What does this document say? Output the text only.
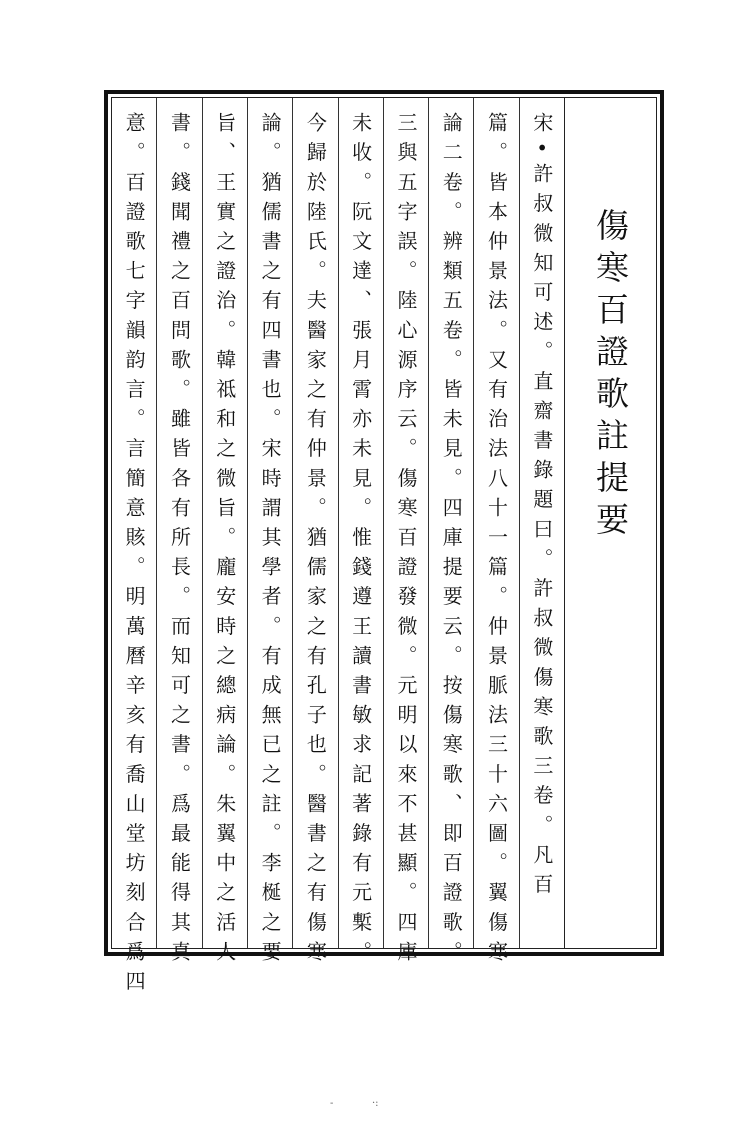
傷寒百證歌註提要
宋•許叔微知可述。直齋書錄題曰。許叔微傷寒歌三卷。凡百
篇。皆本仲景法。又有治法八十一篇。仲景脈法三十六圖。翼傷寒
論二卷。辨類五卷。皆未見。四庫提要云。按傷寒歌、即百證歌。
三與五字誤。陸心源序云。傷寒百證發微。元明以來不甚顯。四庫
未收。阮文達、張月霄亦未見。惟錢遵王讀書敏求記著錄有元槧。
今歸於陸氏。夫醫家之有仲景。猶儒家之有孔子也。醫書之有傷寒
論。猶儒書之有四書也。宋時謂其學者。有成無已之註。李梴之要
旨、王實之證治。韓祗和之微旨。龐安時之總病論。朱翼中之活人
書。錢聞禮之百問歌。雖皆各有所長。而知可之書。爲最能得其真
意。百證歌七字韻韵言。言簡意賅。明萬曆辛亥有喬山堂坊刻合爲四
-	·:
